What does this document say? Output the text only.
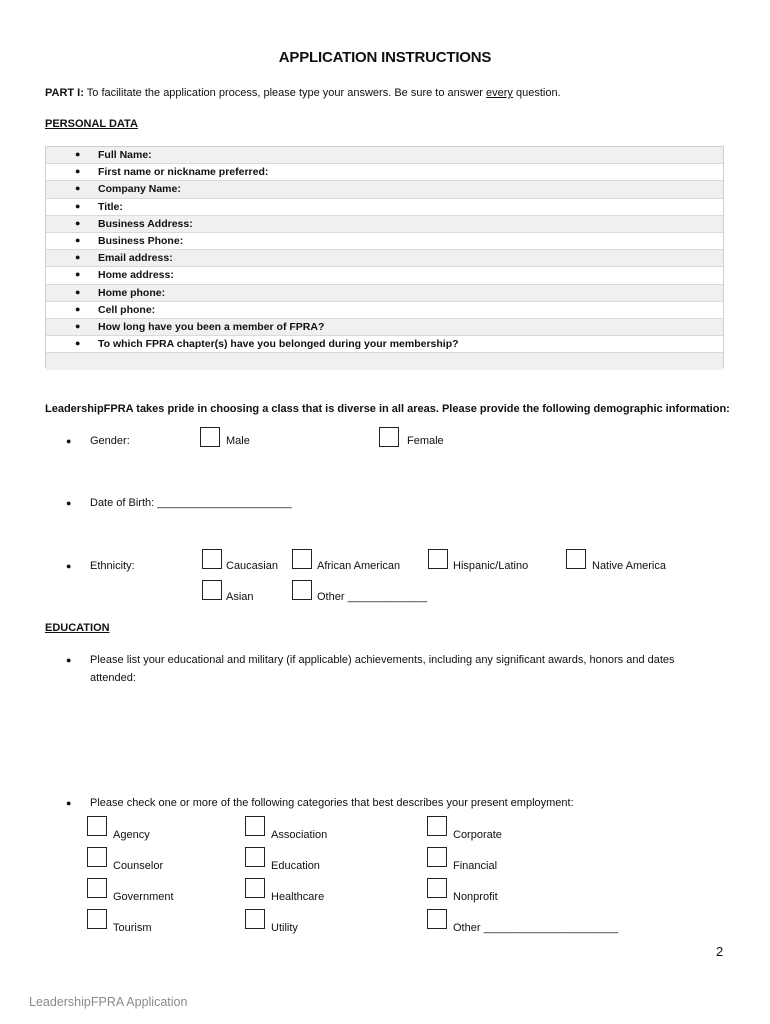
APPLICATION INSTRUCTIONS
PART I: To facilitate the application process, please type your answers. Be sure to answer every question.
PERSONAL DATA
● Full Name:
● First name or nickname preferred:
● Company Name:
● Title:
● Business Address:
● Business Phone:
● Email address:
● Home address:
● Home phone:
● Cell phone:
● How long have you been a member of FPRA?
● To which FPRA chapter(s) have you belonged during your membership?
LeadershipFPRA takes pride in choosing a class that is diverse in all areas. Please provide the following demographic information:
● Gender:	Male	Female
● Date of Birth: ______________________
● Ethnicity:	Caucasian	African American	Hispanic/Latino	Native America
Asian	Other _____________
EDUCATION
● Please list your educational and military (if applicable) achievements, including any significant awards, honors and dates
attended:
● Please check one or more of the following categories that best describes your present employment:
Agency	Association	Corporate
Counselor	Education	Financial
Government	Healthcare	Nonprofit
Tourism	Utility	Other ______________________
2
LeadershipFPRA Application
